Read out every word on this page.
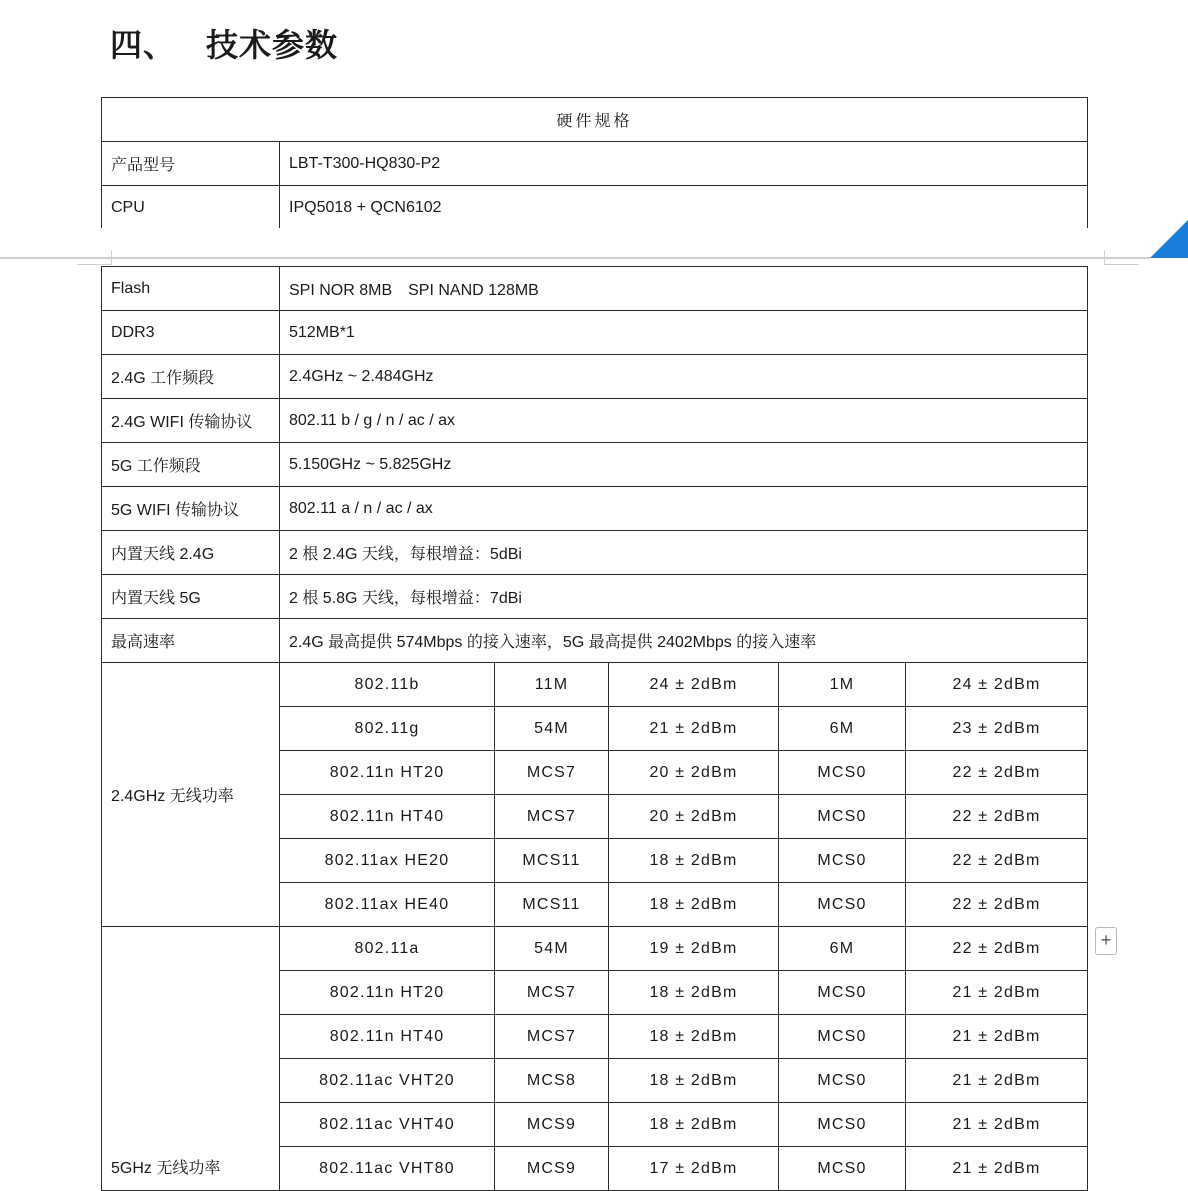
四、 技术参数
硬件规格	
产品型号	LBT-T300-HQ830-P2
CPU	IPQ5018 + QCN6102
Flash	SPI NOR 8MB　SPI NAND 128MB				
DDR3	512MB*1				
2.4G 工作频段	2.4GHz ~ 2.484GHz				
2.4G WIFI 传输协议	802.11 b / g / n / ac / ax				
5G 工作频段	5.150GHz ~ 5.825GHz				
5G WIFI 传输协议	802.11 a / n / ac / ax				
内置天线 2.4G	2 根 2.4G 天线，每根增益：5dBi				
内置天线 5G	2 根 5.8G 天线，每根增益：7dBi				
最高速率	2.4G 最高提供 574Mbps 的接入速率，5G 最高提供 2402Mbps 的接入速率				
2.4GHz 无线功率	802.11b	11M	24 ± 2dBm	1M	24 ± 2dBm
	802.11g	54M	21 ± 2dBm	6M	23 ± 2dBm
	802.11n HT20	MCS7	20 ± 2dBm	MCS0	22 ± 2dBm
	802.11n HT40	MCS7	20 ± 2dBm	MCS0	22 ± 2dBm
	802.11ax HE20	MCS11	18 ± 2dBm	MCS0	22 ± 2dBm
	802.11ax HE40	MCS11	18 ± 2dBm	MCS0	22 ± 2dBm
5GHz 无线功率	802.11a	54M	19 ± 2dBm	6M	22 ± 2dBm
	802.11n HT20	MCS7	18 ± 2dBm	MCS0	21 ± 2dBm
	802.11n HT40	MCS7	18 ± 2dBm	MCS0	21 ± 2dBm
	802.11ac VHT20	MCS8	18 ± 2dBm	MCS0	21 ± 2dBm
	802.11ac VHT40	MCS9	18 ± 2dBm	MCS0	21 ± 2dBm
	802.11ac VHT80	MCS9	17 ± 2dBm	MCS0	21 ± 2dBm
+
